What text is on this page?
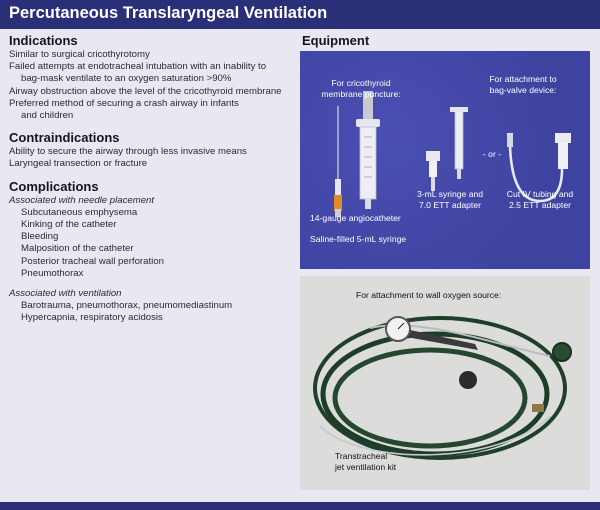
Percutaneous Translaryngeal Ventilation
Indications
Similar to surgical cricothyrotomy
Failed attempts at endotracheal intubation with an inability to
bag-mask ventilate to an oxygen saturation >90%
Airway obstruction above the level of the cricothyroid membrane
Preferred method of securing a crash airway in infants
and children
Contraindications
Ability to secure the airway through less invasive means
Laryngeal transection or fracture
Complications
Associated with needle placement
Subcutaneous emphysema
Kinking of the catheter
Bleeding
Malposition of the catheter
Posterior tracheal wall perforation
Pneumothorax
Associated with ventilation
Barotrauma, pneumothorax, pneumomediastinum
Hypercapnia, respiratory acidosis
Equipment
For cricothyroid
membrane puncture:
For attachment to
bag-valve device:
- or -
3-mL syringe and
7.0 ETT adapter
Cut IV tubing and
2.5 ETT adapter
14-gauge angiocatheter
Saline-filled 5-mL syringe
For attachment to wall oxygen source:
Transtracheal
jet ventilation kit
